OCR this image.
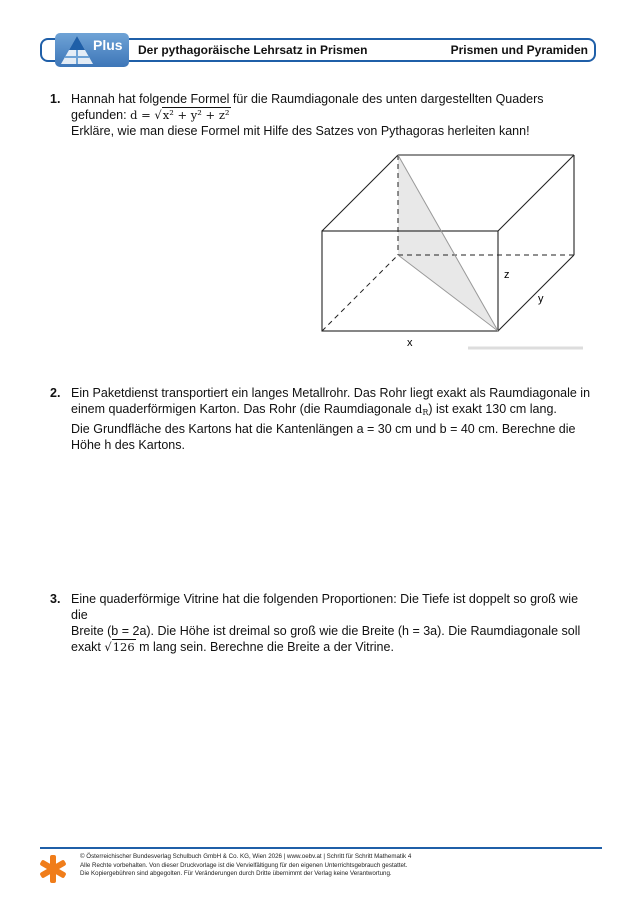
Plus Der pythagoräische Lehrsatz in Prismen	Prismen und Pyramiden
1. Hannah hat folgende Formel für die Raumdiagonale des unten dargestellten Quaders
gefunden: d = √x² + y² + z²
Erkläre, wie man diese Formel mit Hilfe des Satzes von Pythagoras herleiten kann!
z
y
x
2. Ein Paketdienst transportiert ein langes Metallrohr. Das Rohr liegt exakt als Raumdiagonale in
einem quaderförmigen Karton. Das Rohr (die Raumdiagonale $d_R$) ist exakt 130 cm lang.
Die Grundfläche des Kartons hat die Kantenlängen a = 30 cm und b = 40 cm. Berechne die
Höhe h des Kartons.
3. Eine quaderförmige Vitrine hat die folgenden Proportionen: Die Tiefe ist doppelt so groß wie die
Breite (b = 2a). Die Höhe ist dreimal so groß wie die Breite (h = 3a). Die Raumdiagonale soll
exakt √126 m lang sein. Berechne die Breite a der Vitrine.
© Österreichischer Bundesverlag Schulbuch GmbH & Co. KG, Wien 2026 | www.oebv.at | Schritt für Schritt Mathematik 4
Alle Rechte vorbehalten. Von dieser Druckvorlage ist die Vervielfältigung für den eigenen Unterrichtsgebrauch gestattet.
Die Kopiergebühren sind abgegolten. Für Veränderungen durch Dritte übernimmt der Verlag keine Verantwortung.
